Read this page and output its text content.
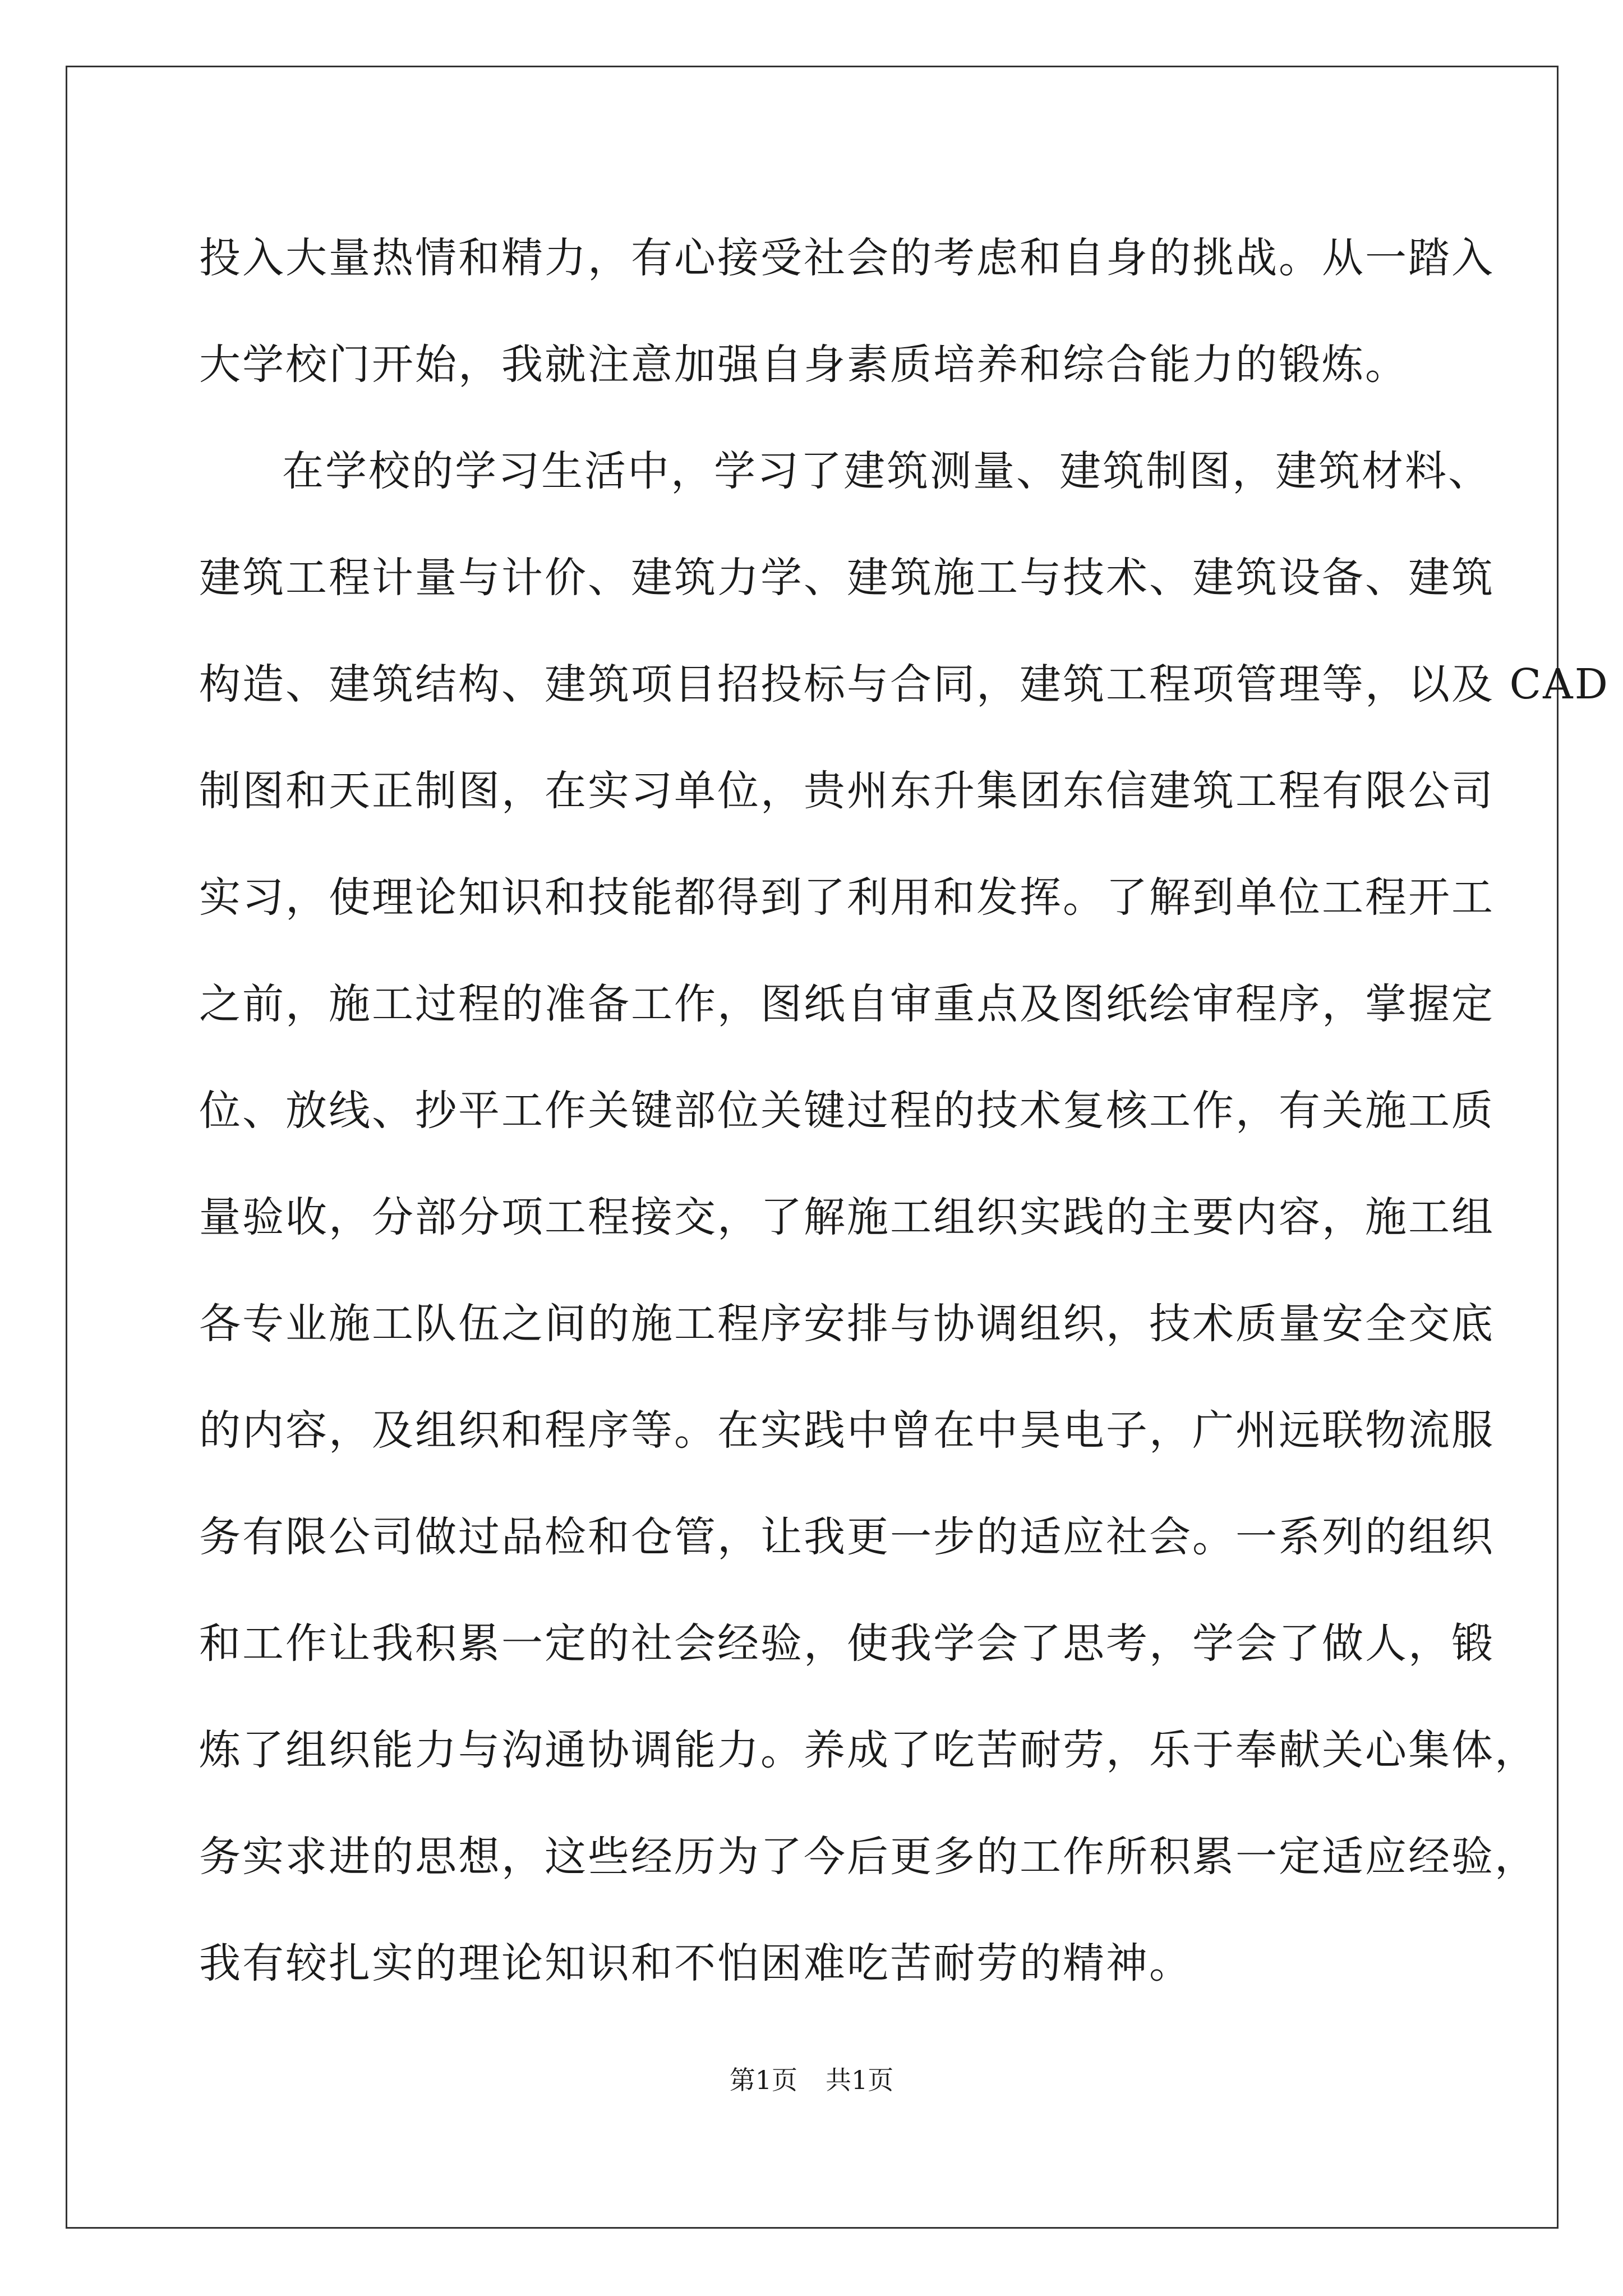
投入大量热情和精力，有心接受社会的考虑和自身的挑战。从一踏入
大学校门开始，我就注意加强自身素质培养和综合能力的锻炼。
在学校的学习生活中，学习了建筑测量、建筑制图，建筑材料、
建筑工程计量与计价、建筑力学、建筑施工与技术、建筑设备、建筑
构造、建筑结构、建筑项目招投标与合同，建筑工程项管理等，以及 CAD
制图和天正制图，在实习单位，贵州东升集团东信建筑工程有限公司
实习，使理论知识和技能都得到了利用和发挥。了解到单位工程开工
之前，施工过程的准备工作，图纸自审重点及图纸绘审程序，掌握定
位、放线、抄平工作关键部位关键过程的技术复核工作，有关施工质
量验收，分部分项工程接交，了解施工组织实践的主要内容，施工组
各专业施工队伍之间的施工程序安排与协调组织，技术质量安全交底
的内容，及组织和程序等。在实践中曾在中昊电子，广州远联物流服
务有限公司做过品检和仓管，让我更一步的适应社会。一系列的组织
和工作让我积累一定的社会经验，使我学会了思考，学会了做人，锻
炼了组织能力与沟通协调能力。养成了吃苦耐劳，乐于奉献关心集体，
务实求进的思想，这些经历为了今后更多的工作所积累一定适应经验，
我有较扎实的理论知识和不怕困难吃苦耐劳的精神。
第1页 共1页
